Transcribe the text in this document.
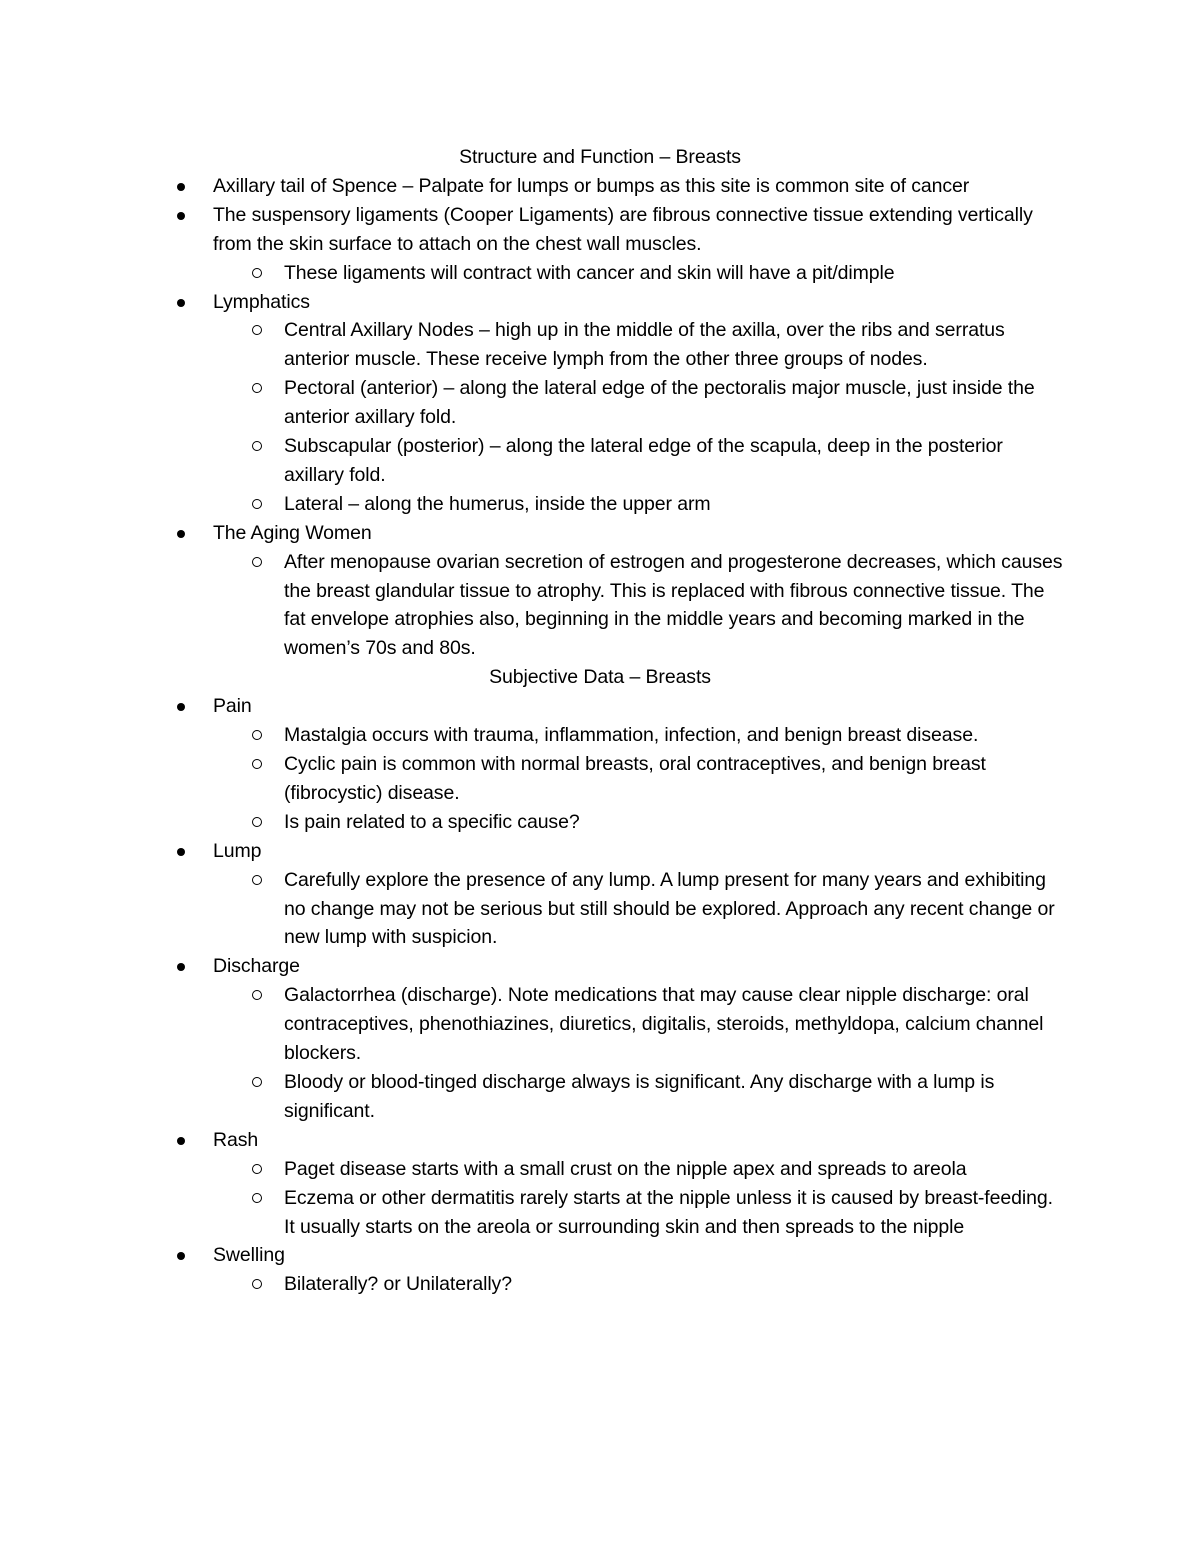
Structure and Function – Breasts
Axillary tail of Spence – Palpate for lumps or bumps as this site is common site of cancer
The suspensory ligaments (Cooper Ligaments) are fibrous connective tissue extending vertically from the skin surface to attach on the chest wall muscles.
These ligaments will contract with cancer and skin will have a pit/dimple
Lymphatics
Central Axillary Nodes – high up in the middle of the axilla, over the ribs and serratus anterior muscle. These receive lymph from the other three groups of nodes.
Pectoral (anterior) – along the lateral edge of the pectoralis major muscle, just inside the anterior axillary fold.
Subscapular (posterior) – along the lateral edge of the scapula, deep in the posterior axillary fold.
Lateral – along the humerus, inside the upper arm
The Aging Women
After menopause ovarian secretion of estrogen and progesterone decreases, which causes the breast glandular tissue to atrophy. This is replaced with fibrous connective tissue. The fat envelope atrophies also, beginning in the middle years and becoming marked in the women’s 70s and 80s.
Subjective Data – Breasts
Pain
Mastalgia occurs with trauma, inflammation, infection, and benign breast disease.
Cyclic pain is common with normal breasts, oral contraceptives, and benign breast (fibrocystic) disease.
Is pain related to a specific cause?
Lump
Carefully explore the presence of any lump. A lump present for many years and exhibiting no change may not be serious but still should be explored. Approach any recent change or new lump with suspicion.
Discharge
Galactorrhea (discharge). Note medications that may cause clear nipple discharge: oral contraceptives, phenothiazines, diuretics, digitalis, steroids, methyldopa, calcium channel blockers.
Bloody or blood-tinged discharge always is significant. Any discharge with a lump is significant.
Rash
Paget disease starts with a small crust on the nipple apex and spreads to areola
Eczema or other dermatitis rarely starts at the nipple unless it is caused by breast-feeding. It usually starts on the areola or surrounding skin and then spreads to the nipple
Swelling
Bilaterally? or Unilaterally?
